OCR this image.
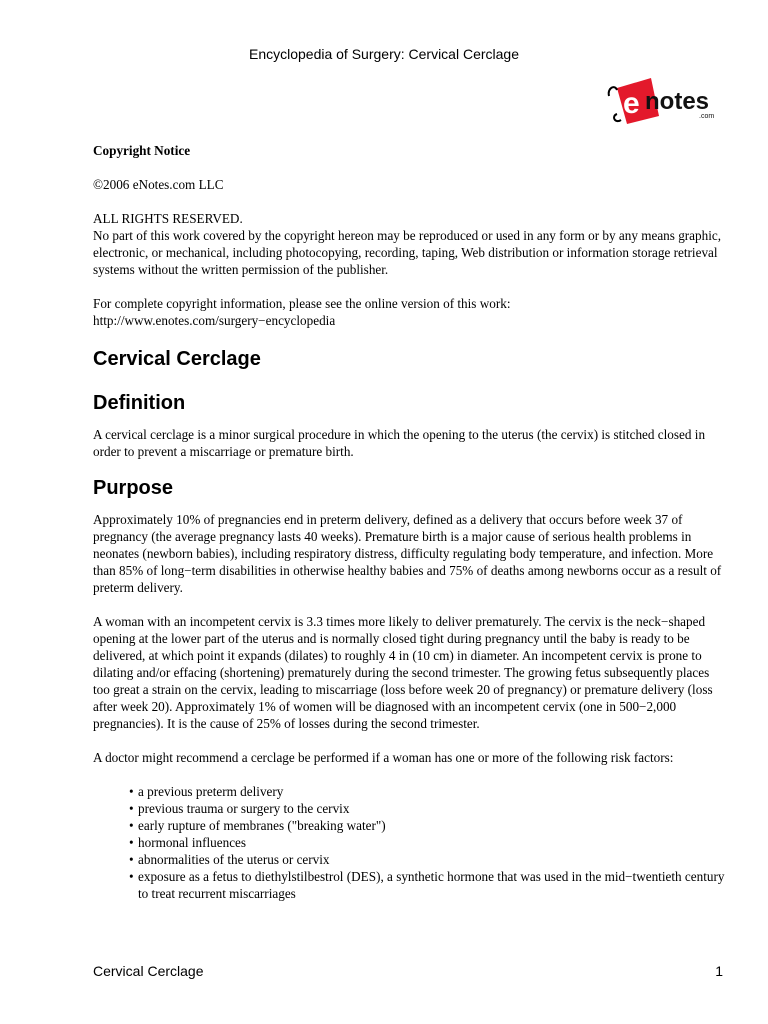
Encyclopedia of Surgery: Cervical Cerclage
e notes
.com

Copyright Notice

©2006 eNotes.com LLC

ALL RIGHTS RESERVED.

No part of this work covered by the copyright hereon may be reproduced or used in any form or by any means graphic, electronic, or mechanical, including photocopying, recording, taping, Web distribution or information storage retrieval systems without the written permission of the publisher.

For complete copyright information, please see the online version of this work:

http://www.enotes.com/surgery−encyclopedia

Cervical Cerclage
Definition

A cervical cerclage is a minor surgical procedure in which the opening to the uterus (the cervix) is stitched closed in order to prevent a miscarriage or premature birth.

Purpose

Approximately 10% of pregnancies end in preterm delivery, defined as a delivery that occurs before week 37 of pregnancy (the average pregnancy lasts 40 weeks). Premature birth is a major cause of serious health problems in neonates (newborn babies), including respiratory distress, difficulty regulating body temperature, and infection. More than 85% of long−term disabilities in otherwise healthy babies and 75% of deaths among newborns occur as a result of preterm delivery.

A woman with an incompetent cervix is 3.3 times more likely to deliver prematurely. The cervix is the neck−shaped opening at the lower part of the uterus and is normally closed tight during pregnancy until the baby is ready to be delivered, at which point it expands (dilates) to roughly 4 in (10 cm) in diameter. An incompetent cervix is prone to dilating and/or effacing (shortening) prematurely during the second trimester. The growing fetus subsequently places too great a strain on the cervix, leading to miscarriage (loss before week 20 of pregnancy) or premature delivery (loss after week 20). Approximately 1% of women will be diagnosed with an incompetent cervix (one in 500−2,000 pregnancies). It is the cause of 25% of losses during the second trimester.

A doctor might recommend a cerclage be performed if a woman has one or more of the following risk factors:

• a previous preterm delivery
• previous trauma or surgery to the cervix
• early rupture of membranes ("breaking water")
• hormonal influences
• abnormalities of the uterus or cervix
• exposure as a fetus to diethylstilbestrol (DES), a synthetic hormone that was used in the mid−twentieth century to treat recurrent miscarriages
Cervical Cerclage	1
